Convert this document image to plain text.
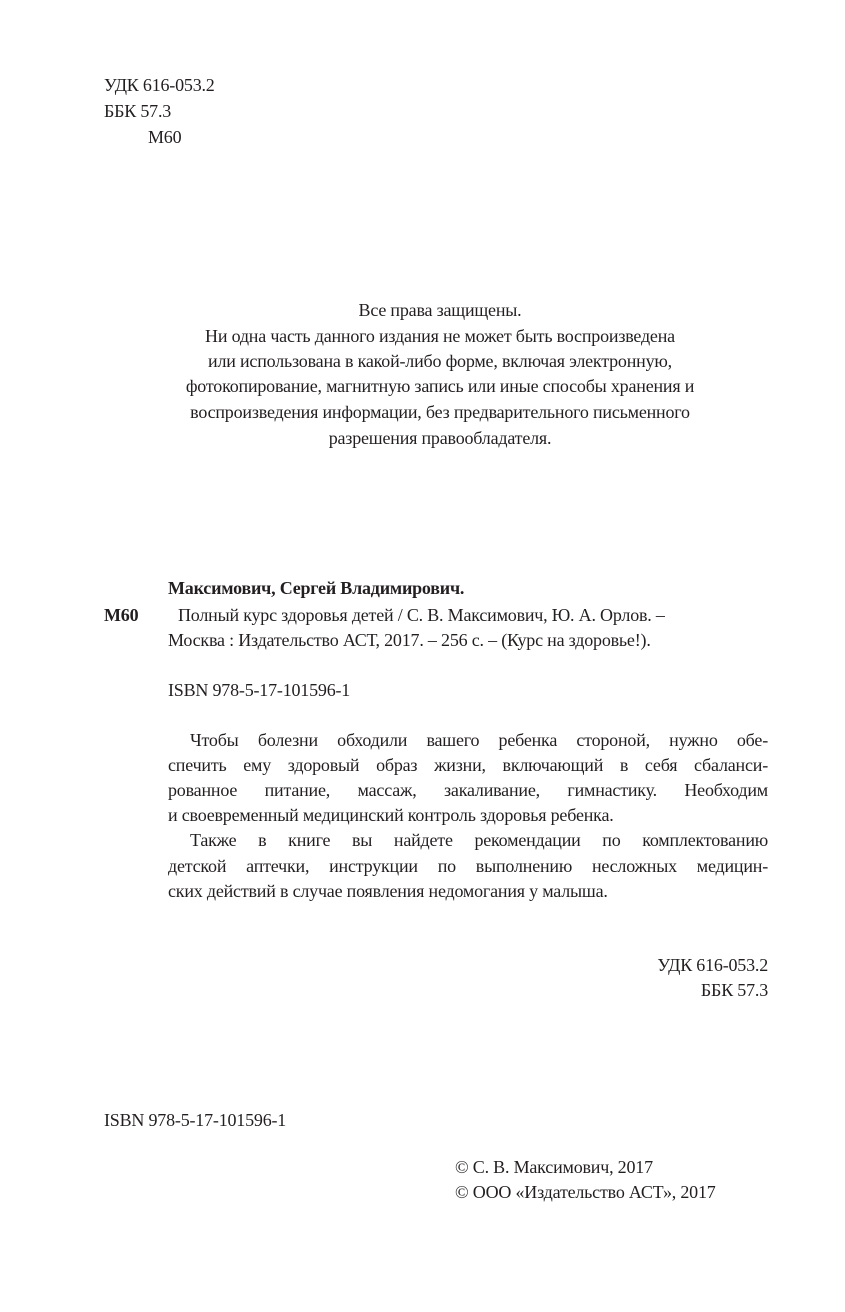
УДК 616-053.2
ББК 57.3
М60
Все права защищены.
Ни одна часть данного издания не может быть воспроизведена
или использована в какой-либо форме, включая электронную,
фотокопирование, магнитную запись или иные способы хранения и
воспроизведения информации, без предварительного письменного
разрешения правообладателя.
Максимович, Сергей Владимирович.
М60 Полный курс здоровья детей / С. В. Максимович, Ю. А. Орлов. –
Москва : Издательство АСТ, 2017. – 256 с. – (Курс на здоровье!).
ISBN 978-5-17-101596-1
Чтобы болезни обходили вашего ребенка стороной, нужно обе-
спечить ему здоровый образ жизни, включающий в себя сбаланси-
рованное питание, массаж, закаливание, гимнастику. Необходим
и своевременный медицинский контроль здоровья ребенка.
Также в книге вы найдете рекомендации по комплектованию
детской аптечки, инструкции по выполнению несложных медицин-
ских действий в случае появления недомогания у малыша.
УДК 616-053.2
ББК 57.3
ISBN 978-5-17-101596-1
© С. В. Максимович, 2017
© ООО «Издательство АСТ», 2017
